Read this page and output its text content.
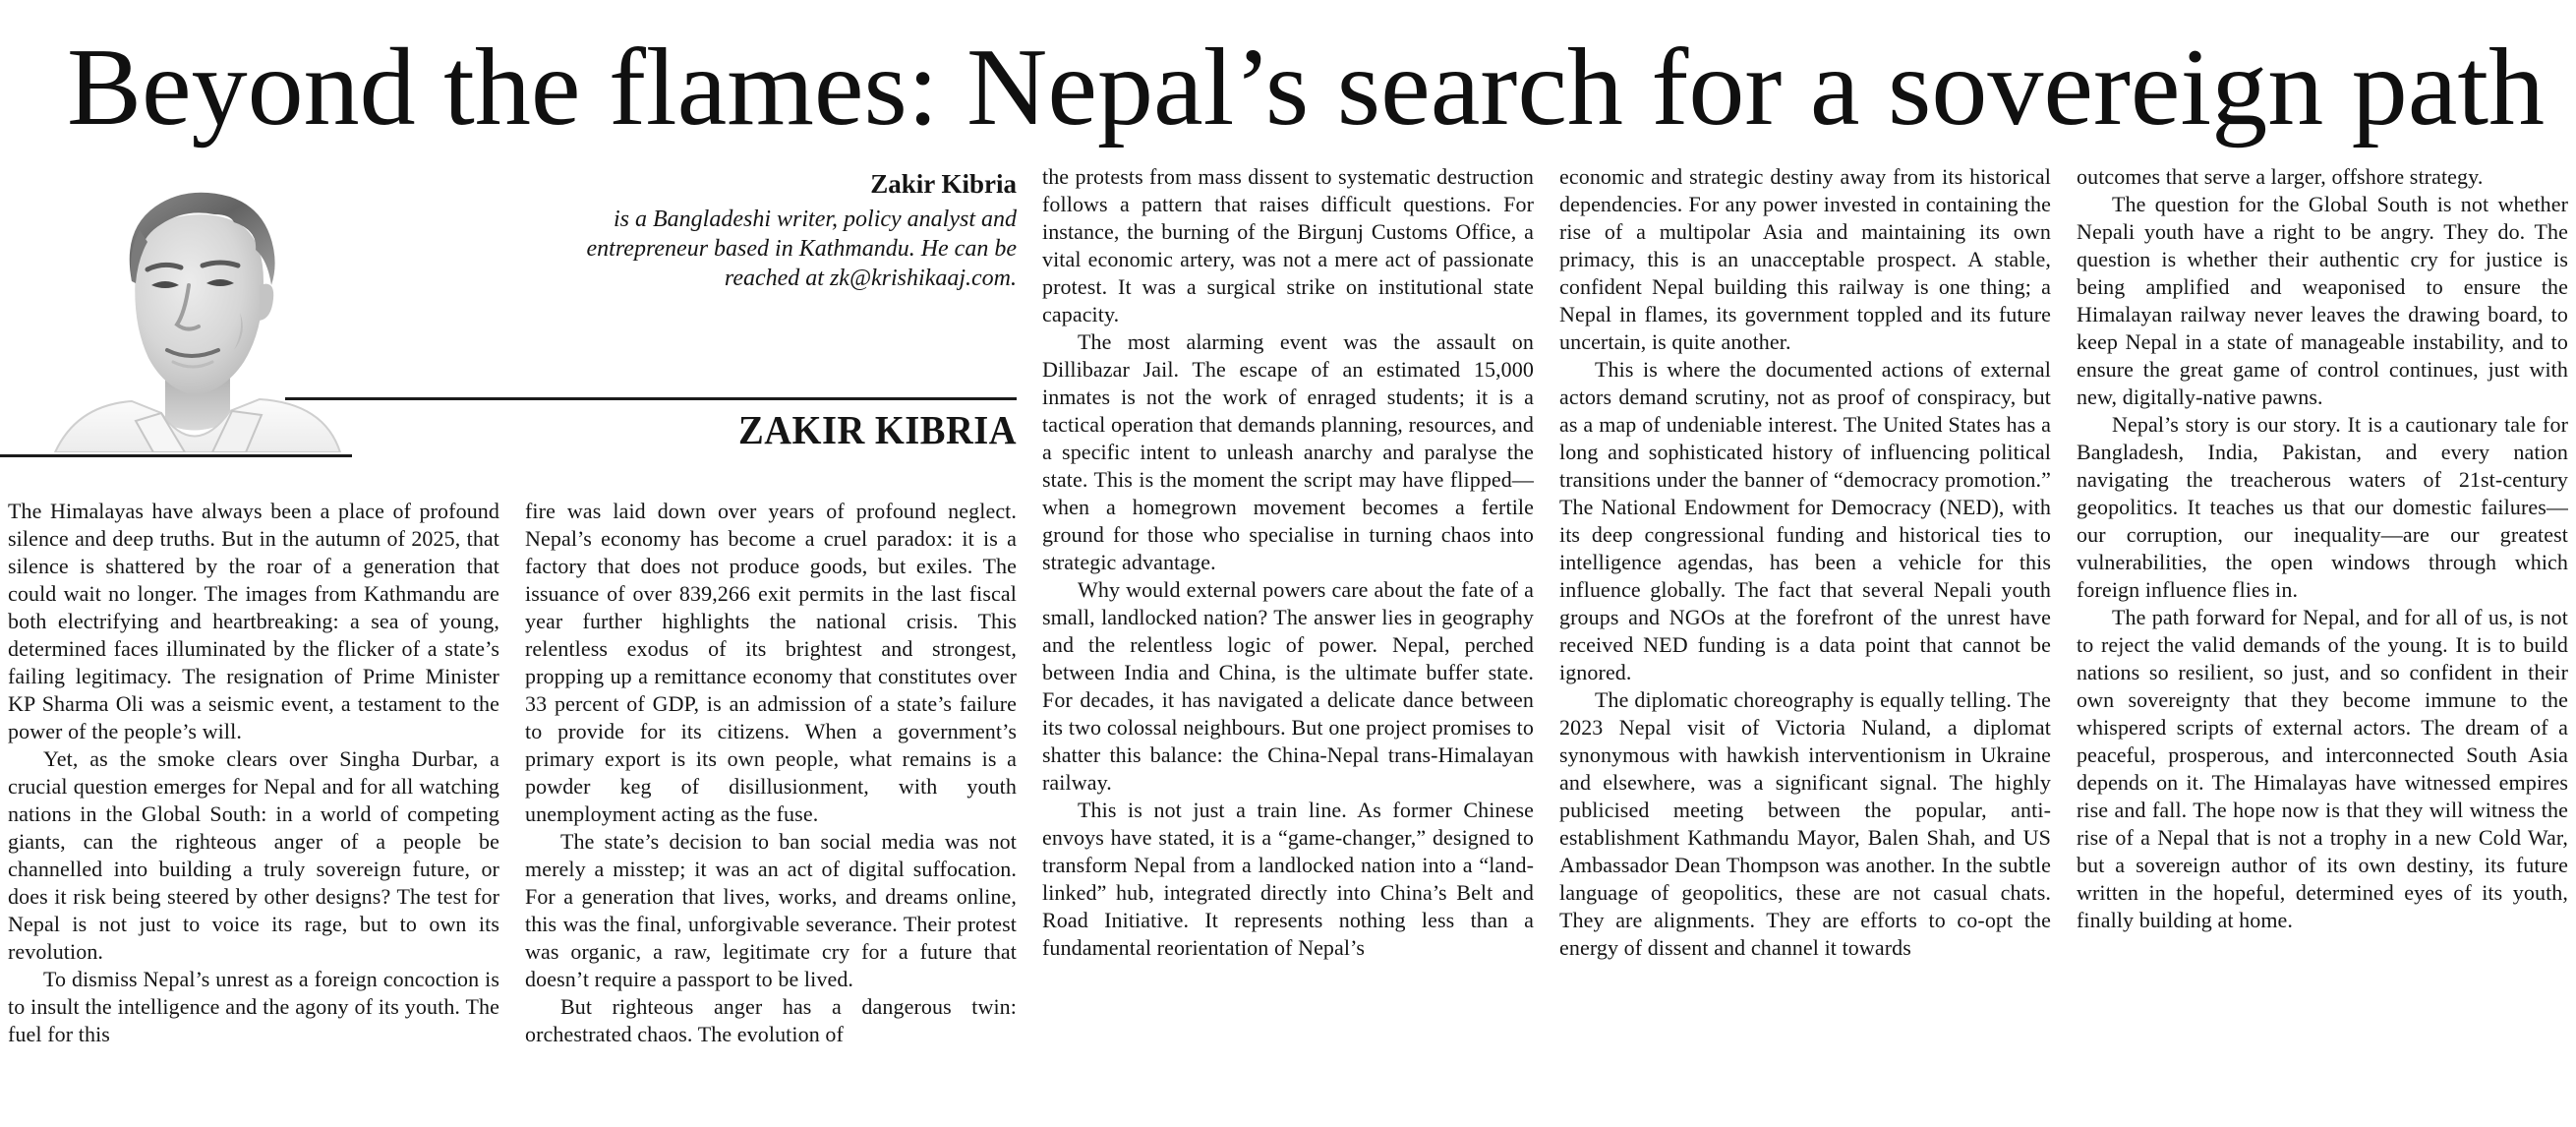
Beyond the flames: Nepal’s search for a sovereign path
Zakir Kibria
is a Bangladeshi writer, policy analyst and
entrepreneur based in Kathmandu. He can be
reached at zk@krishikaaj.com.
ZAKIR KIBRIA

The Himalayas have always been a place of profound silence and deep truths. But in the autumn of 2025, that silence is shattered by the roar of a generation that could wait no longer. The images from Kathmandu are both electrifying and heartbreaking: a sea of young, determined faces illuminated by the flicker of a state’s failing legitimacy. The resignation of Prime Minister KP Sharma Oli was a seismic event, a testament to the power of the people’s will.

Yet, as the smoke clears over Singha Durbar, a crucial question emerges for Nepal and for all watching nations in the Global South: in a world of competing giants, can the righteous anger of a people be channelled into building a truly sovereign future, or does it risk being steered by other designs? The test for Nepal is not just to voice its rage, but to own its revolution.

To dismiss Nepal’s unrest as a foreign concoction is to insult the intelligence and the agony of its youth. The fuel for this

fire was laid down over years of profound neglect. Nepal’s economy has become a cruel paradox: it is a factory that does not produce goods, but exiles. The issuance of over 839,266 exit permits in the last fiscal year further highlights the national crisis. This relentless exodus of its brightest and strongest, propping up a remittance economy that constitutes over 33 percent of GDP, is an admission of a state’s failure to provide for its citizens. When a government’s primary export is its own people, what remains is a powder keg of disillusionment, with youth unemployment acting as the fuse.

The state’s decision to ban social media was not merely a misstep; it was an act of digital suffocation. For a generation that lives, works, and dreams online, this was the final, unforgivable severance. Their protest was organic, a raw, legitimate cry for a future that doesn’t require a passport to be lived.

But righteous anger has a dangerous twin: orchestrated chaos. The evolution of

the protests from mass dissent to systematic destruction follows a pattern that raises difficult questions. For instance, the burning of the Birgunj Customs Office, a vital economic artery, was not a mere act of passionate protest. It was a surgical strike on institutional state capacity.

The most alarming event was the assault on Dillibazar Jail. The escape of an estimated 15,000 inmates is not the work of enraged students; it is a tactical operation that demands planning, resources, and a specific intent to unleash anarchy and paralyse the state. This is the moment the script may have flipped—when a homegrown movement becomes a fertile ground for those who specialise in turning chaos into strategic advantage.

Why would external powers care about the fate of a small, landlocked nation? The answer lies in geography and the relentless logic of power. Nepal, perched between India and China, is the ultimate buffer state. For decades, it has navigated a delicate dance between its two colossal neighbours. But one project promises to shatter this balance: the China-Nepal trans-Himalayan railway.

This is not just a train line. As former Chinese envoys have stated, it is a “game-changer,” designed to transform Nepal from a landlocked nation into a “land-linked” hub, integrated directly into China’s Belt and Road Initiative. It represents nothing less than a fundamental reorientation of Nepal’s

economic and strategic destiny away from its historical dependencies. For any power invested in containing the rise of a multipolar Asia and maintaining its own primacy, this is an unacceptable prospect. A stable, confident Nepal building this railway is one thing; a Nepal in flames, its government toppled and its future uncertain, is quite another.

This is where the documented actions of external actors demand scrutiny, not as proof of conspiracy, but as a map of undeniable interest. The United States has a long and sophisticated history of influencing political transitions under the banner of “democracy promotion.” The National Endowment for Democracy (NED), with its deep congressional funding and historical ties to intelligence agendas, has been a vehicle for this influence globally. The fact that several Nepali youth groups and NGOs at the forefront of the unrest have received NED funding is a data point that cannot be ignored.

The diplomatic choreography is equally telling. The 2023 Nepal visit of Victoria Nuland, a diplomat synonymous with hawkish interventionism in Ukraine and elsewhere, was a significant signal. The highly publicised meeting between the popular, anti-establishment Kathmandu Mayor, Balen Shah, and US Ambassador Dean Thompson was another. In the subtle language of geopolitics, these are not casual chats. They are alignments. They are efforts to co-opt the energy of dissent and channel it towards

outcomes that serve a larger, offshore strategy.

The question for the Global South is not whether Nepali youth have a right to be angry. They do. The question is whether their authentic cry for justice is being amplified and weaponised to ensure the Himalayan railway never leaves the drawing board, to keep Nepal in a state of manageable instability, and to ensure the great game of control continues, just with new, digitally-native pawns.

Nepal’s story is our story. It is a cautionary tale for Bangladesh, India, Pakistan, and every nation navigating the treacherous waters of 21st-century geopolitics. It teaches us that our domestic failures—our corruption, our inequality—are our greatest vulnerabilities, the open windows through which foreign influence flies in.

The path forward for Nepal, and for all of us, is not to reject the valid demands of the young. It is to build nations so resilient, so just, and so confident in their own sovereignty that they become immune to the whispered scripts of external actors. The dream of a peaceful, prosperous, and interconnected South Asia depends on it. The Himalayas have witnessed empires rise and fall. The hope now is that they will witness the rise of a Nepal that is not a trophy in a new Cold War, but a sovereign author of its own destiny, its future written in the hopeful, determined eyes of its youth, finally building at home.
